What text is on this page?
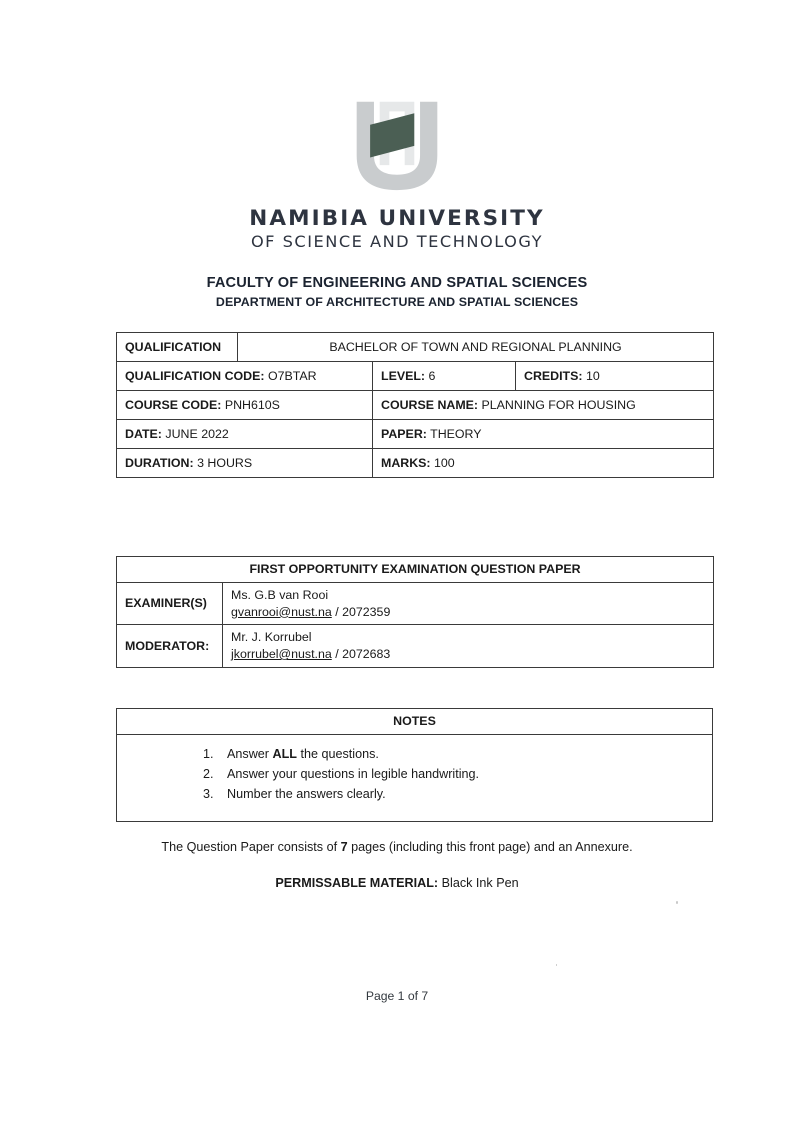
NAMIBIA UNIVERSITY
OF SCIENCE AND TECHNOLOGY
FACULTY OF ENGINEERING AND SPATIAL SCIENCES
DEPARTMENT OF ARCHITECTURE AND SPATIAL SCIENCES
QUALIFICATION	BACHELOR OF TOWN AND REGIONAL PLANNING		
QUALIFICATION CODE: O7BTAR		LEVEL: 6	CREDITS: 10
COURSE CODE: PNH610S		COURSE NAME: PLANNING FOR HOUSING	
DATE: JUNE 2022		PAPER: THEORY	
DURATION: 3 HOURS		MARKS: 100	
FIRST OPPORTUNITY EXAMINATION QUESTION PAPER	
EXAMINER(S)	Ms. G.B van Rooi
gvanrooi@nust.na / 2072359

MODERATOR:	Mr. J. Korrubel
jkorrubel@nust.na / 2072683
NOTES

1. Answer ALL the questions.
2. Answer your questions in legible handwriting.
3. Number the answers clearly.
The Question Paper consists of 7 pages (including this front page) and an Annexure.
PERMISSABLE MATERIAL: Black Ink Pen
Page 1 of 7
